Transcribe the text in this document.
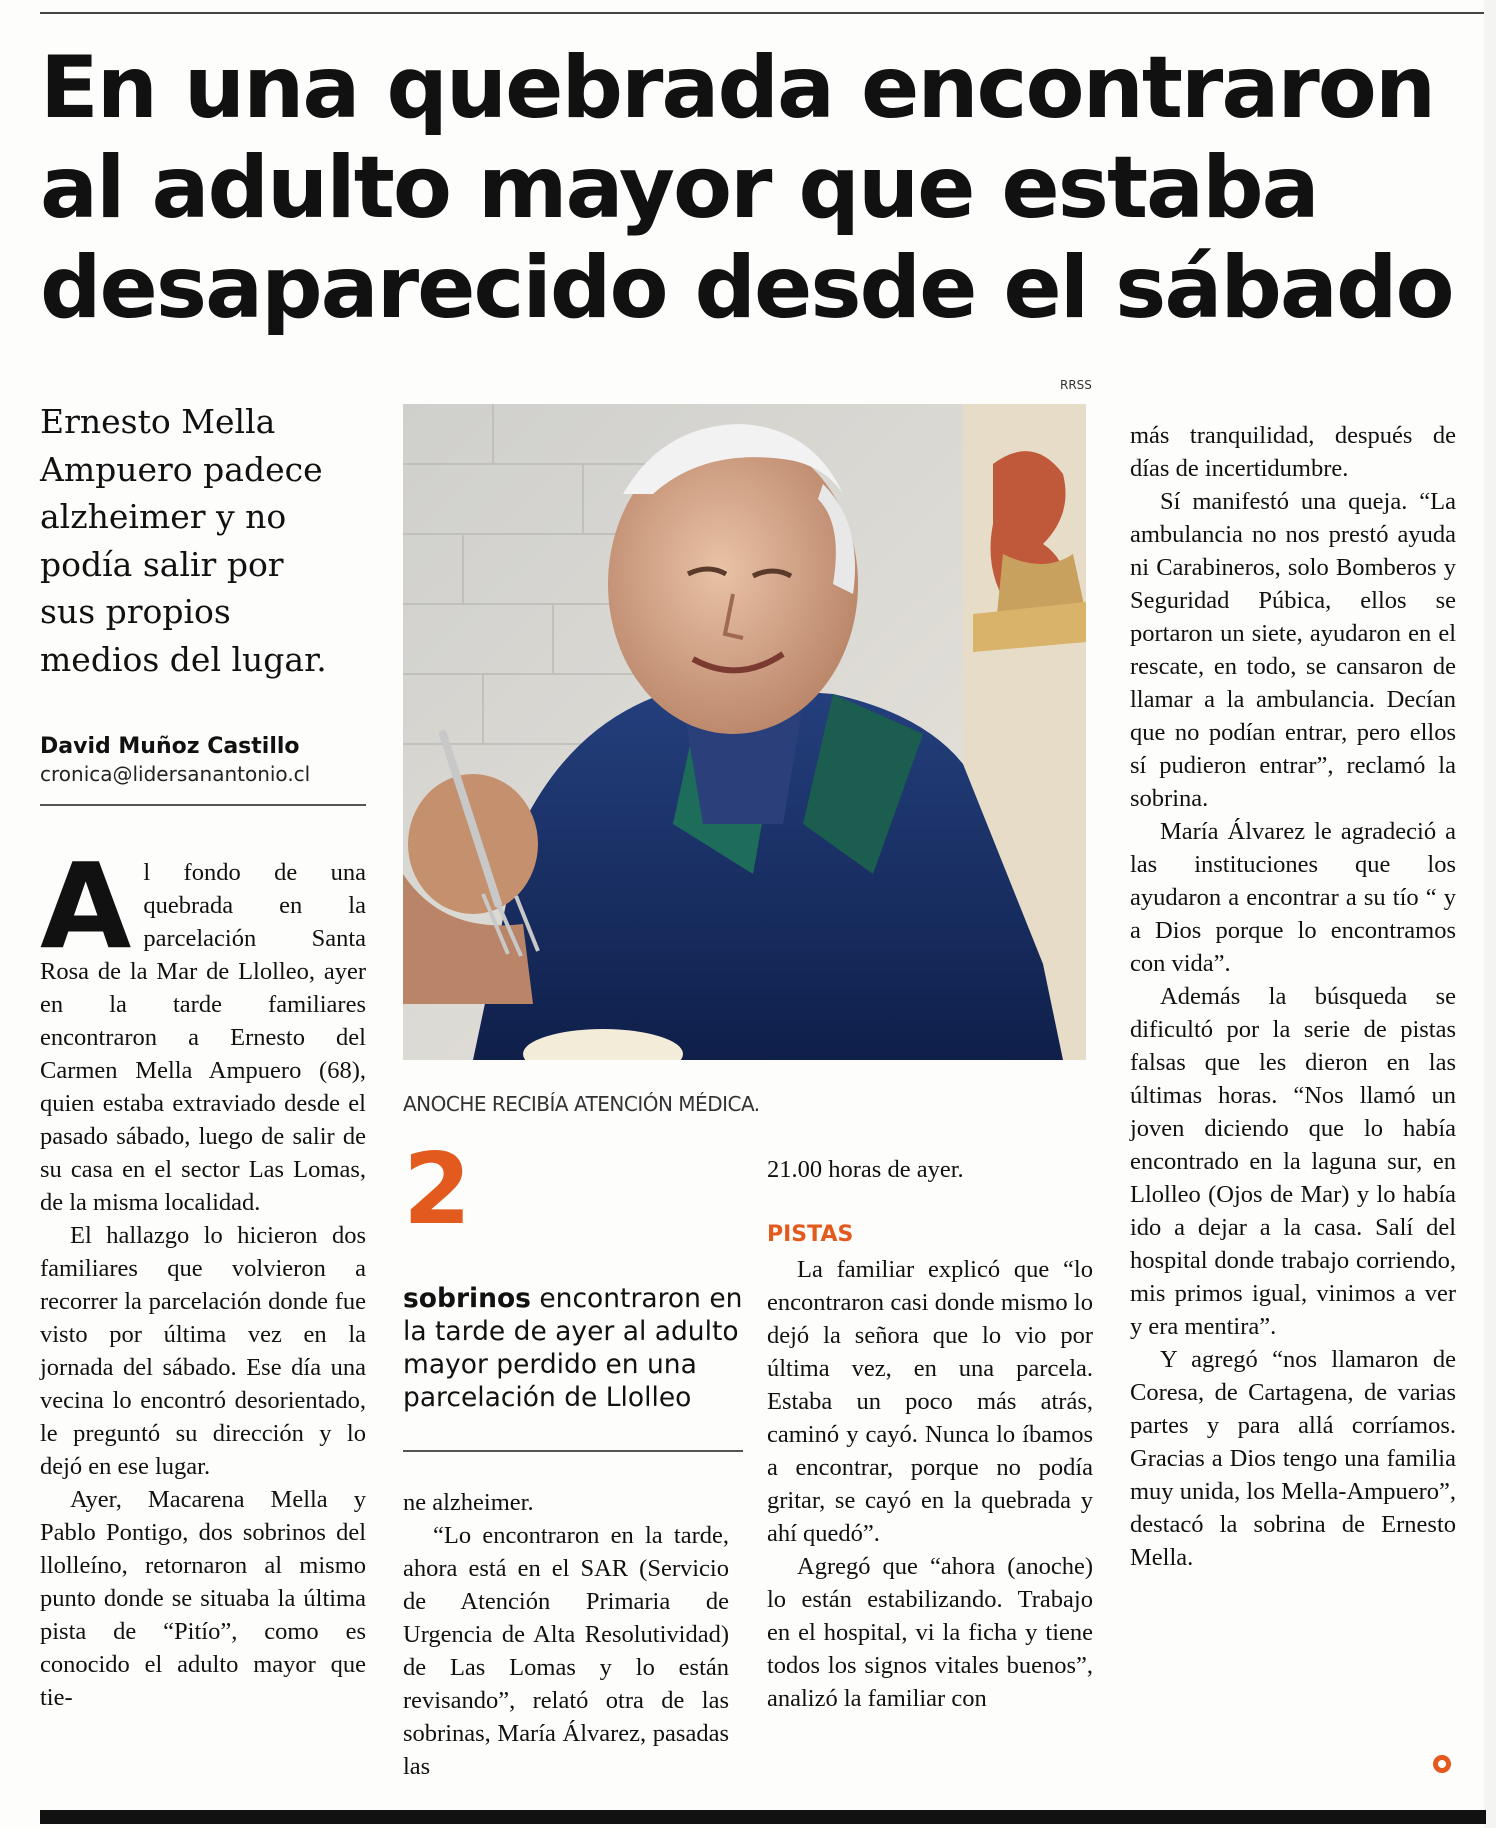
En una quebrada encontraron
al adulto mayor que estaba
desaparecido desde el sábado
Ernesto Mella
Ampuero padece
alzheimer y no
podía salir por
sus propios
medios del lugar.
David Muñoz Castillo
cronica@lidersanantonio.cl

Al fondo de una quebrada en la parcelación Santa Rosa de la Mar de Llolleo, ayer en la tarde familiares encontraron a Ernesto del Carmen Mella Ampuero (68), quien estaba extraviado desde el pasado sábado, luego de salir de su casa en el sector Las Lomas, de la misma localidad.

El hallazgo lo hicieron dos familiares que volvieron a recorrer la parcelación donde fue visto por última vez en la jornada del sábado. Ese día una vecina lo encontró desorientado, le preguntó su dirección y lo dejó en ese lugar.

Ayer, Macarena Mella y Pablo Pontigo, dos sobrinos del llolleíno, retornaron al mismo punto donde se situaba la última pista de “Pitío”, como es conocido el adulto mayor que tie-

RRSS
ANOCHE RECIBÍA ATENCIÓN MÉDICA.
2
sobrinos encontraron en la tarde de ayer al adulto mayor perdido en una parcelación de Llolleo

ne alzheimer.

“Lo encontraron en la tarde, ahora está en el SAR (Servicio de Atención Primaria de Urgencia de Alta Resolutividad) de Las Lomas y lo están revisando”, relató otra de las sobrinas, María Álvarez, pasadas las

21.00 horas de ayer.

PISTAS

La familiar explicó que “lo encontraron casi donde mismo lo dejó la señora que lo vio por última vez, en una parcela. Estaba un poco más atrás, caminó y cayó. Nunca lo íbamos a encontrar, porque no podía gritar, se cayó en la quebrada y ahí quedó”.

Agregó que “ahora (anoche) lo están estabilizando. Trabajo en el hospital, vi la ficha y tiene todos los signos vitales buenos”, analizó la familiar con

más tranquilidad, después de días de incertidumbre.

Sí manifestó una queja. “La ambulancia no nos prestó ayuda ni Carabineros, solo Bomberos y Seguridad Púbica, ellos se portaron un siete, ayudaron en el rescate, en todo, se cansaron de llamar a la ambulancia. Decían que no podían entrar, pero ellos sí pudieron entrar”, reclamó la sobrina.

María Álvarez le agradeció a las instituciones que los ayudaron a encontrar a su tío “ y a Dios porque lo encontramos con vida”.

Además la búsqueda se dificultó por la serie de pistas falsas que les dieron en las últimas horas. “Nos llamó un joven diciendo que lo había encontrado en la laguna sur, en Llolleo (Ojos de Mar) y lo había ido a dejar a la casa. Salí del hospital donde trabajo corriendo, mis primos igual, vinimos a ver y era mentira”.

Y agregó “nos llamaron de Coresa, de Cartagena, de varias partes y para allá corríamos. Gracias a Dios tengo una familia muy unida, los Mella-Ampuero”, destacó la sobrina de Ernesto Mella.
